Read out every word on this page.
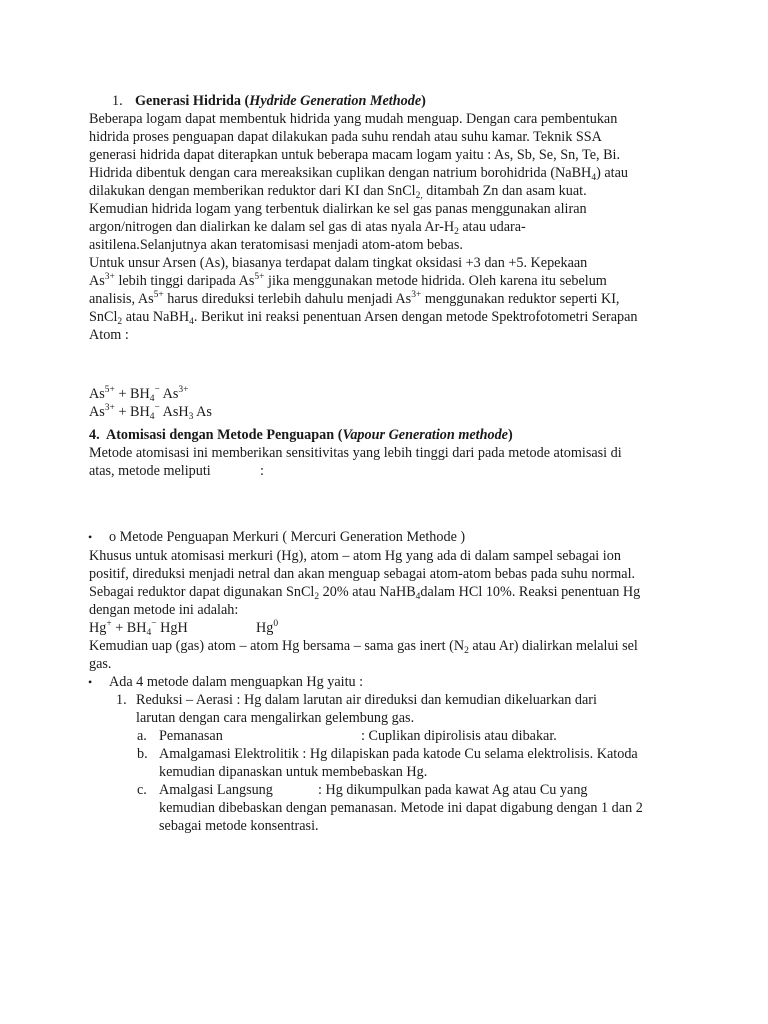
1. Generasi Hidrida (Hydride Generation Methode)
Beberapa logam dapat membentuk hidrida yang mudah menguap. Dengan cara pembentukan
hidrida proses penguapan dapat dilakukan pada suhu rendah atau suhu kamar. Teknik SSA
generasi hidrida dapat diterapkan untuk beberapa macam logam yaitu : As, Sb, Se, Sn, Te, Bi.
Hidrida dibentuk dengan cara mereaksikan cuplikan dengan natrium borohidrida (NaBH$_4$) atau
dilakukan dengan memberikan reduktor dari KI dan SnCl$_{2,}$ ditambah Zn dan asam kuat.
Kemudian hidrida logam yang terbentuk dialirkan ke sel gas panas menggunakan aliran
argon/nitrogen dan dialirkan ke dalam sel gas di atas nyala $Ar-H_2$ atau udara-
asitilena.Selanjutnya akan teratomisasi menjadi atom-atom bebas.
Untuk unsur Arsen (As), biasanya terdapat dalam tingkat oksidasi +3 dan +5. Kepekaan
$As^{3+}$ lebih tinggi daripada $As^{5+}$ jika menggunakan metode hidrida. Oleh karena itu sebelum
analisis, $As^{5+}$ harus direduksi terlebih dahulu menjadi $As^{3+}$ menggunakan reduktor seperti KI,
SnCl$_2$ atau NaBH$_4$. Berikut ini reaksi penentuan Arsen dengan metode Spektrofotometri Serapan
Atom :
$As^{5+} + BH_4^-$ $As^{3+}$
$As^{3+} + BH_4^-$ AsH$_3$ As
4. Atomisasi dengan Metode Penguapan (Vapour Generation methode)
Metode atomisasi ini memberikan sensitivitas yang lebih tinggi dari pada metode atomisasi di
atas, metode meliputi	:
• o Metode Penguapan Merkuri ( Mercuri Generation Methode )
Khusus untuk atomisasi merkuri (Hg), atom – atom Hg yang ada di dalam sampel sebagai ion
positif, direduksi menjadi netral dan akan menguap sebagai atom-atom bebas pada suhu normal.
Sebagai reduktor dapat digunakan SnCl$_2$ 20% atau NaHB$_4$dalam HCl 10%. Reaksi penentuan Hg
dengan metode ini adalah:
$Hg^+ + BH_4^-$ HgH	Hg$^0$
Kemudian uap (gas) atom – atom Hg bersama – sama gas inert ($N_2$ atau Ar) dialirkan melalui sel
gas.
• Ada 4 metode dalam menguapkan Hg yaitu :
1. Reduksi – Aerasi : Hg dalam larutan air direduksi dan kemudian dikeluarkan dari
larutan dengan cara mengalirkan gelembung gas.
a. Pemanasan	: Cuplikan dipirolisis atau dibakar.
b. Amalgamasi Elektrolitik : Hg dilapiskan pada katode Cu selama elektrolisis. Katoda
kemudian dipanaskan untuk membebaskan Hg.
c. Amalgasi Langsung	: Hg dikumpulkan pada kawat Ag atau Cu yang
kemudian dibebaskan dengan pemanasan. Metode ini dapat digabung dengan 1 dan 2
sebagai metode konsentrasi.
